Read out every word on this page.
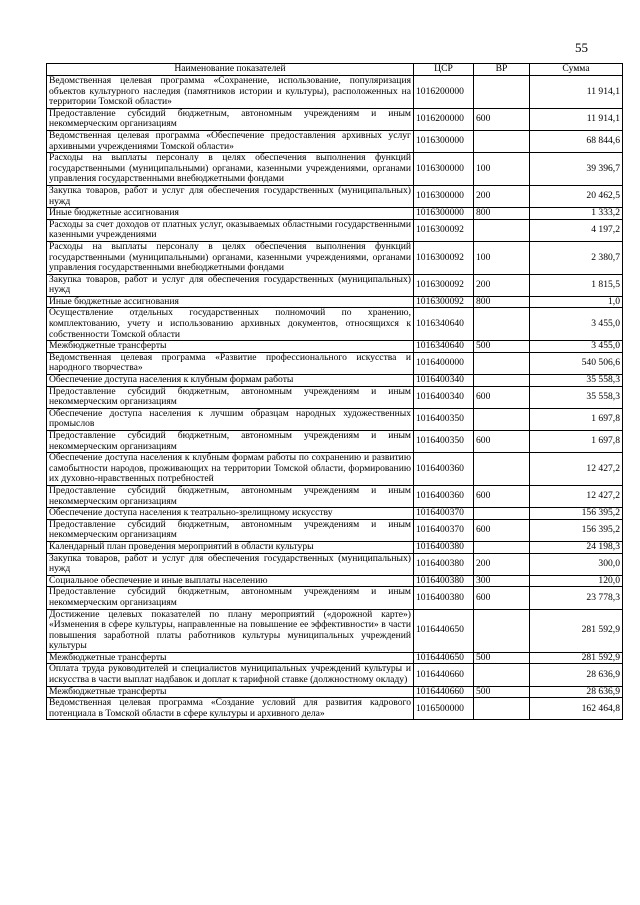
55
Наименование показателей	ЦСР	ВР	Сумма
Ведомственная целевая программа «Сохранение, использование, популяризация объектов культурного наследия (памятников истории и культуры), расположенных на территории Томской области»	1016200000		11 914,1
Предоставление субсидий бюджетным, автономным учреждениям и иным некоммерческим организациям	1016200000	600	11 914,1
Ведомственная целевая программа «Обеспечение предоставления архивных услуг архивными учреждениями Томской области»	1016300000		68 844,6
Расходы на выплаты персоналу в целях обеспечения выполнения функций государственными (муниципальными) органами, казенными учреждениями, органами управления государственными внебюджетными фондами	1016300000	100	39 396,7
Закупка товаров, работ и услуг для обеспечения государственных (муниципальных) нужд	1016300000	200	20 462,5
Иные бюджетные ассигнования	1016300000	800	1 333,2
Расходы за счет доходов от платных услуг, оказываемых областными государственными казенными учреждениями	1016300092		4 197,2
Расходы на выплаты персоналу в целях обеспечения выполнения функций государственными (муниципальными) органами, казенными учреждениями, органами управления государственными внебюджетными фондами	1016300092	100	2 380,7
Закупка товаров, работ и услуг для обеспечения государственных (муниципальных) нужд	1016300092	200	1 815,5
Иные бюджетные ассигнования	1016300092	800	1,0
Осуществление отдельных государственных полномочий по хранению, комплектованию, учету и использованию архивных документов, относящихся к собственности Томской области	1016340640		3 455,0
Межбюджетные трансферты	1016340640	500	3 455,0
Ведомственная целевая программа «Развитие профессионального искусства и народного творчества»	1016400000		540 506,6
Обеспечение доступа населения к клубным формам работы	1016400340		35 558,3
Предоставление субсидий бюджетным, автономным учреждениям и иным некоммерческим организациям	1016400340	600	35 558,3
Обеспечение доступа населения к лучшим образцам народных художественных промыслов	1016400350		1 697,8
Предоставление субсидий бюджетным, автономным учреждениям и иным некоммерческим организациям	1016400350	600	1 697,8
Обеспечение доступа населения к клубным формам работы по сохранению и развитию самобытности народов, проживающих на территории Томской области, формированию их духовно-нравственных потребностей	1016400360		12 427,2
Предоставление субсидий бюджетным, автономным учреждениям и иным некоммерческим организациям	1016400360	600	12 427,2
Обеспечение доступа населения к театрально-зрелищному искусству	1016400370		156 395,2
Предоставление субсидий бюджетным, автономным учреждениям и иным некоммерческим организациям	1016400370	600	156 395,2
Календарный план проведения мероприятий в области культуры	1016400380		24 198,3
Закупка товаров, работ и услуг для обеспечения государственных (муниципальных) нужд	1016400380	200	300,0
Социальное обеспечение и иные выплаты населению	1016400380	300	120,0
Предоставление субсидий бюджетным, автономным учреждениям и иным некоммерческим организациям	1016400380	600	23 778,3
Достижение целевых показателей по плану мероприятий («дорожной карте») «Изменения в сфере культуры, направленные на повышение ее эффективности» в части повышения заработной платы работников культуры муниципальных учреждений культуры	1016440650		281 592,9
Межбюджетные трансферты	1016440650	500	281 592,9
Оплата труда руководителей и специалистов муниципальных учреждений культуры и искусства в части выплат надбавок и доплат к тарифной ставке (должностному окладу)	1016440660		28 636,9
Межбюджетные трансферты	1016440660	500	28 636,9
Ведомственная целевая программа «Создание условий для развития кадрового потенциала в Томской области в сфере культуры и архивного дела»	1016500000		162 464,8
